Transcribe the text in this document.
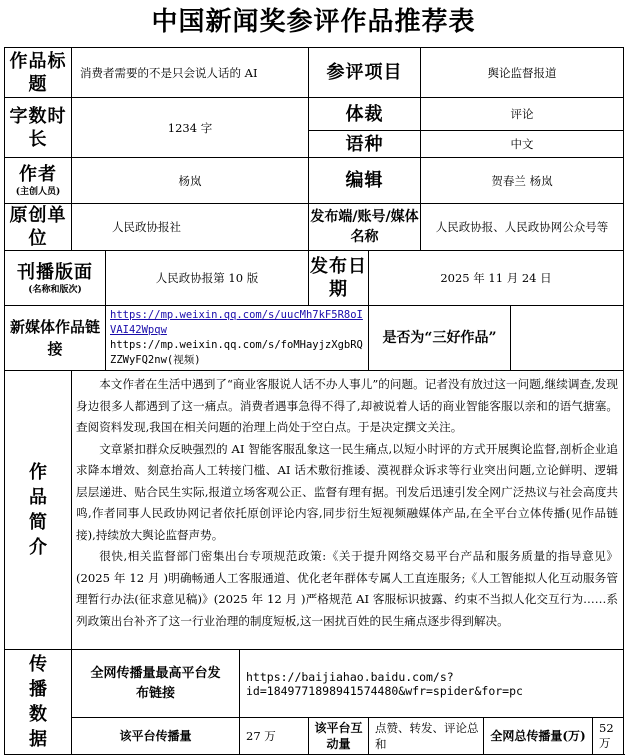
中国新闻奖参评作品推荐表
作品标题	消费者需要的不是只会说人话的 AI			参评项目		舆论监督报道			
字数时长	1234 字			体裁		评论			
				语种		中文			
作者
(主创人员)	杨岚			编辑		贺春兰 杨岚			
原创单位	人民政协报社			发布端/账号/媒体名称		人民政协报、人民政协网公众号等			
刊播版面
(名称和版次)		人民政协报第 10 版		发布日期	2025 年 11 月 24 日				
新媒体作品链接		https://mp.weixin.qq.com/s/uucMh7kF5R8oIVAI42Wpqw
https://mp.weixin.qq.com/s/foMHayjzXgbRQZZWyFQ2nw(视频)			是否为“三好作品”				

作品简介	本文作者在生活中遇到了“商业客服说人话不办人事儿”的问题。记者没有放过这一问题,继续调查,发现身边很多人都遇到了这一痛点。消费者遇事急得不得了,却被说着人话的商业智能客服以亲和的语气搪塞。查阅资料发现,我国在相关问题的治理上尚处于空白点。于是决定撰文关注。

文章紧扣群众反映强烈的 AI 智能客服乱象这一民生痛点,以短小时评的方式开展舆论监督,剖析企业追求降本增效、刻意抬高人工转接门槛、AI 话术敷衍推诿、漠视群众诉求等行业突出问题,立论鲜明、逻辑层层递进、贴合民生实际,报道立场客观公正、监督有理有据。刊发后迅速引发全网广泛热议与社会高度共鸣,作者同事人民政协网记者依托原创评论内容,同步衍生短视频融媒体产品,在全平台立体传播(见作品链接),持续放大舆论监督声势。

很快,相关监督部门密集出台专项规范政策:《关于提升网络交易平台产品和服务质量的指导意见》(2025 年 12 月 )明确畅通人工客服通道、优化老年群体专属人工直连服务;《人工智能拟人化互动服务管理暂行办法(征求意见稿)》(2025 年 12 月 )严格规范 AI 客服标识披露、约束不当拟人化交互行为……系列政策出台补齐了这一行业治理的制度短板,这一困扰百姓的民生痛点逐步得到解决。								

传播数据	全网传播量最高平台发布链接		https://baijiahao.baidu.com/s?id=1849771898941574480&wfr=spider&for=pc						
	该平台传播量		27 万	该平台互动量	点赞、转发、评论总和		全网总传播量(万)		52 万
